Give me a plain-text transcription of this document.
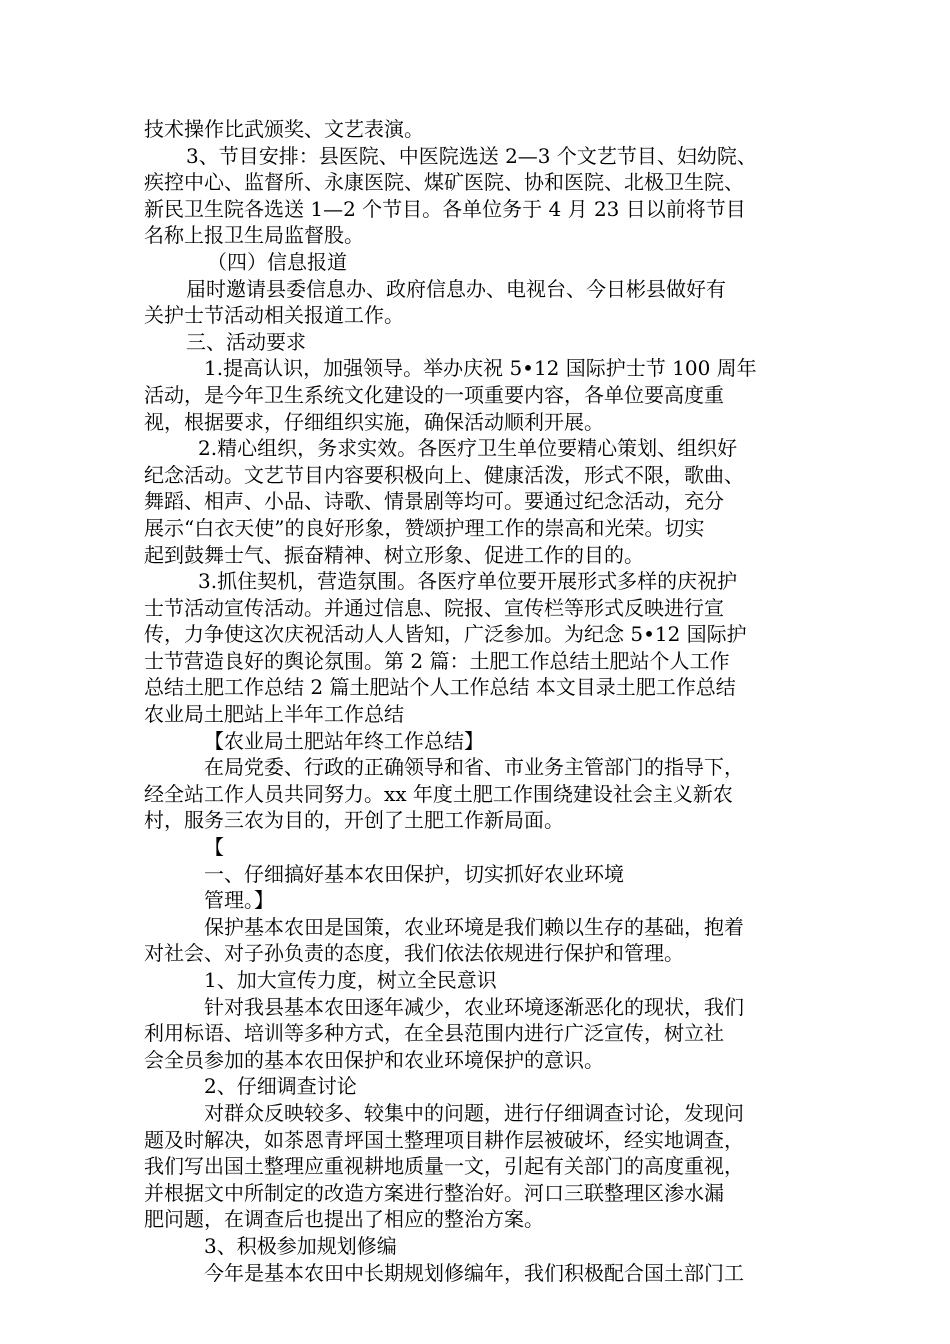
技术操作比武颁奖、文艺表演。
3、节目安排：县医院、中医院选送 2—3 个文艺节目、妇幼院、
疾控中心、监督所、永康医院、煤矿医院、协和医院、北极卫生院、
新民卫生院各选送 1—2 个节目。各单位务于 4 月 23 日以前将节目
名称上报卫生局监督股。
（四）信息报道
届时邀请县委信息办、政府信息办、电视台、今日彬县做好有
关护士节活动相关报道工作。
三、活动要求
1.提高认识，加强领导。举办庆祝 5•12 国际护士节 100 周年
活动，是今年卫生系统文化建设的一项重要内容，各单位要高度重
视，根据要求，仔细组织实施，确保活动顺利开展。
2.精心组织，务求实效。各医疗卫生单位要精心策划、组织好
纪念活动。文艺节目内容要积极向上、健康活泼，形式不限，歌曲、
舞蹈、相声、小品、诗歌、情景剧等均可。要通过纪念活动，充分
展示“白衣天使”的良好形象，赞颂护理工作的崇高和光荣。切实
起到鼓舞士气、振奋精神、树立形象、促进工作的目的。
3.抓住契机，营造氛围。各医疗单位要开展形式多样的庆祝护
士节活动宣传活动。并通过信息、院报、宣传栏等形式反映进行宣
传，力争使这次庆祝活动人人皆知，广泛参加。为纪念 5•12 国际护
士节营造良好的舆论氛围。第 2 篇：土肥工作总结土肥站个人工作
总结土肥工作总结 2 篇土肥站个人工作总结 本文目录土肥工作总结
农业局土肥站上半年工作总结
【农业局土肥站年终工作总结】
在局党委、行政的正确领导和省、市业务主管部门的指导下，
经全站工作人员共同努力。xx 年度土肥工作围绕建设社会主义新农
村，服务三农为目的，开创了土肥工作新局面。
【
一、仔细搞好基本农田保护，切实抓好农业环境
管理。】
保护基本农田是国策，农业环境是我们赖以生存的基础，抱着
对社会、对子孙负责的态度，我们依法依规进行保护和管理。
1、加大宣传力度，树立全民意识
针对我县基本农田逐年减少，农业环境逐渐恶化的现状，我们
利用标语、培训等多种方式，在全县范围内进行广泛宣传，树立社
会全员参加的基本农田保护和农业环境保护的意识。
2、仔细调查讨论
对群众反映较多、较集中的问题，进行仔细调查讨论，发现问
题及时解决，如茶恩青坪国土整理项目耕作层被破坏，经实地调查，
我们写出国土整理应重视耕地质量一文，引起有关部门的高度重视，
并根据文中所制定的改造方案进行整治好。河口三联整理区渗水漏
肥问题，在调查后也提出了相应的整治方案。
3、积极参加规划修编
今年是基本农田中长期规划修编年，我们积极配合国土部门工
